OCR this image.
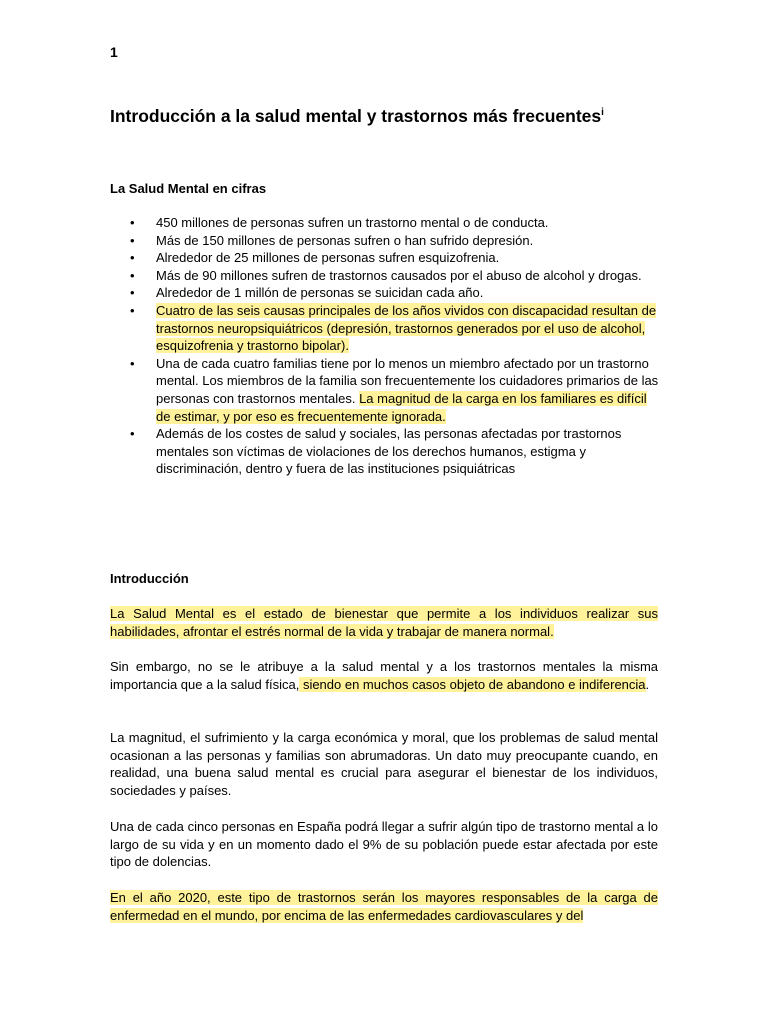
1
Introducción a la salud mental y trastornos más frecuentes$^i$
La Salud Mental en cifras
• 450 millones de personas sufren un trastorno mental o de conducta.
• Más de 150 millones de personas sufren o han sufrido depresión.
• Alrededor de 25 millones de personas sufren esquizofrenia.
• Más de 90 millones sufren de trastornos causados por el abuso de alcohol y drogas.
• Alrededor de 1 millón de personas se suicidan cada año.
• Cuatro de las seis causas principales de los años vividos con discapacidad resultan de trastornos neuropsiquiátricos (depresión, trastornos generados por el uso de alcohol, esquizofrenia y trastorno bipolar).
• Una de cada cuatro familias tiene por lo menos un miembro afectado por un trastorno mental. Los miembros de la familia son frecuentemente los cuidadores primarios de las personas con trastornos mentales. La magnitud de la carga en los familiares es difícil de estimar, y por eso es frecuentemente ignorada.
• Además de los costes de salud y sociales, las personas afectadas por trastornos mentales son víctimas de violaciones de los derechos humanos, estigma y discriminación, dentro y fuera de las instituciones psiquiátricas
Introducción

La Salud Mental es el estado de bienestar que permite a los individuos realizar sus habilidades, afrontar el estrés normal de la vida y trabajar de manera normal.

Sin embargo, no se le atribuye a la salud mental y a los trastornos mentales la misma importancia que a la salud física, siendo en muchos casos objeto de abandono e indiferencia.

La magnitud, el sufrimiento y la carga económica y moral, que los problemas de salud mental ocasionan a las personas y familias son abrumadoras. Un dato muy preocupante cuando, en realidad, una buena salud mental es crucial para asegurar el bienestar de los individuos, sociedades y países.

Una de cada cinco personas en España podrá llegar a sufrir algún tipo de trastorno mental a lo largo de su vida y en un momento dado el 9% de su población puede estar afectada por este tipo de dolencias.

En el año 2020, este tipo de trastornos serán los mayores responsables de la carga de enfermedad en el mundo, por encima de las enfermedades cardiovasculares y del
